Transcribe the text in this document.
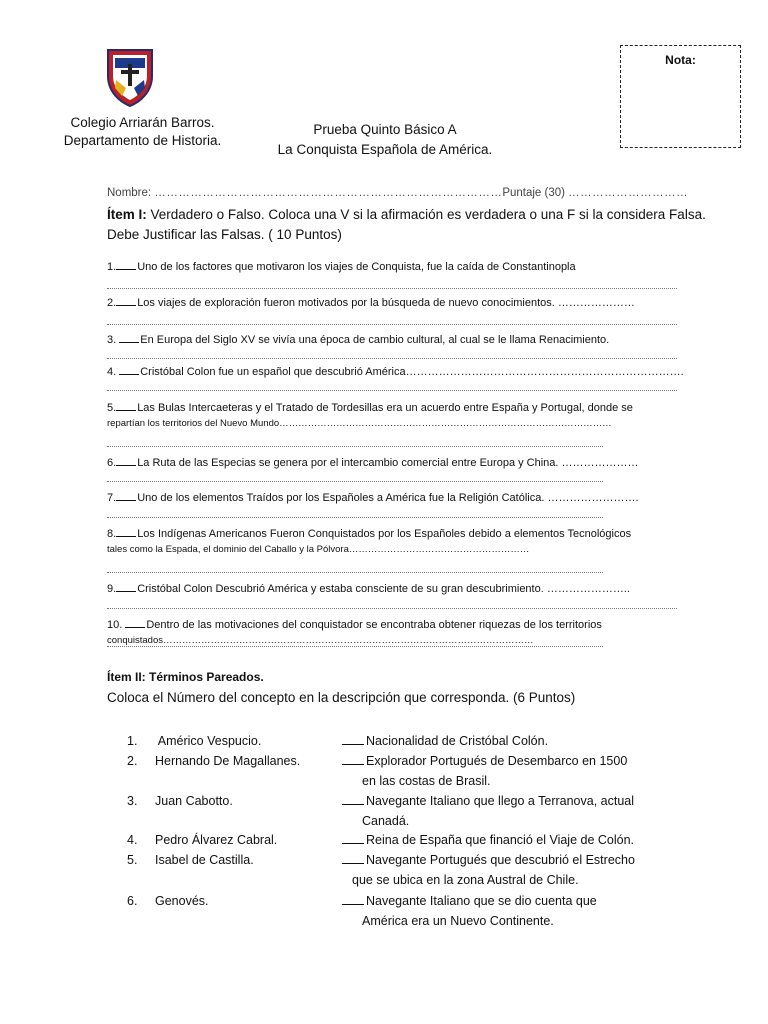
Colegio Arriarán Barros.
Departamento de Historia.
Prueba Quinto Básico A
La Conquista Española de América.
Nota:
Nombre: ……………………………………………………………………………Puntaje (30) …………………………
Ítem I: Verdadero o Falso. Coloca una V si la afirmación es verdadera o una F si la considera Falsa.
Debe Justificar las Falsas. ( 10 Puntos)
1. Uno de los factores que motivaron los viajes de Conquista, fue la caída de Constantinopla
2. Los viajes de exploración fueron motivados por la búsqueda de nuevo conocimientos. …………………
3. En Europa del Siglo XV se vivía una época de cambio cultural, al cual se le llama Renacimiento.
4. Cristóbal Colon fue un español que descubrió América………………………………………………………………….
5. Las Bulas Intercaeteras y el Tratado de Tordesillas era un acuerdo entre España y Portugal, donde se
repartían los territorios del Nuevo Mundo……………………………………………………………………………………………
6. La Ruta de las Especias se genera por el intercambio comercial entre Europa y China. …………………
7. Uno de los elementos Traídos por los Españoles a América fue la Religión Católica. …………………….
8. Los Indígenas Americanos Fueron Conquistados por los Españoles debido a elementos Tecnológicos
tales como la Espada, el dominio del Caballo y la Pólvora…………………………………………………
9. Cristóbal Colon Descubrió América y estaba consciente de su gran descubrimiento. …………………..
10. Dentro de las motivaciones del conquistador se encontraba obtener riquezas de los territorios
conquistados………………………………………………………………………………………………………
Ítem II: Términos Pareados.
Coloca el Número del concepto en la descripción que corresponda. (6 Puntos)
1. Américo Vespucio.
2. Hernando De Magallanes.
3. Juan Cabotto.
4. Pedro Álvarez Cabral.
5. Isabel de Castilla.
6. Genovés.
Nacionalidad de Cristóbal Colón.
Explorador Portugués de Desembarco en 1500
en las costas de Brasil.
Navegante Italiano que llego a Terranova, actual
Canadá.
Reina de España que financió el Viaje de Colón.
Navegante Portugués que descubrió el Estrecho
que se ubica en la zona Austral de Chile.
Navegante Italiano que se dio cuenta que
América era un Nuevo Continente.
